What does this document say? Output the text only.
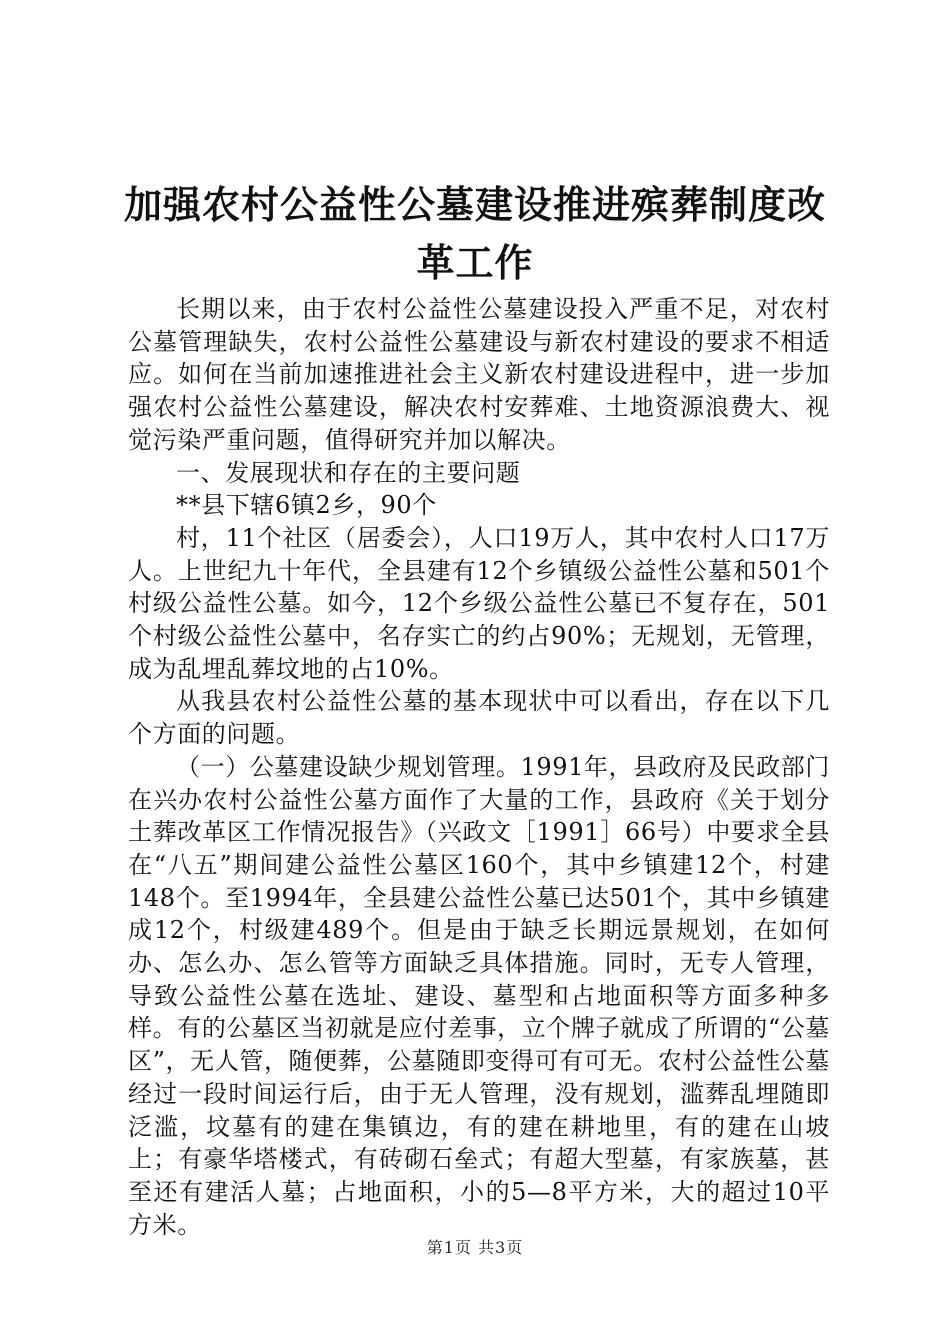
加强农村公益性公墓建设推进殡葬制度改革工作

长期以来，由于农村公益性公墓建设投入严重不足，对农村公墓管理缺失，农村公益性公墓建设与新农村建设的要求不相适应。如何在当前加速推进社会主义新农村建设进程中，进一步加强农村公益性公墓建设，解决农村安葬难、土地资源浪费大、视觉污染严重问题，值得研究并加以解决。

一、发展现状和存在的主要问题

**县下辖6镇2乡，90个

村，11个社区（居委会），人口19万人，其中农村人口17万人。上世纪九十年代，全县建有12个乡镇级公益性公墓和501个村级公益性公墓。如今，12个乡级公益性公墓已不复存在，501个村级公益性公墓中，名存实亡的约占90%；无规划，无管理，成为乱埋乱葬坟地的占10%。

从我县农村公益性公墓的基本现状中可以看出，存在以下几个方面的问题。

（一）公墓建设缺少规划管理。1991年，县政府及民政部门在兴办农村公益性公墓方面作了大量的工作，县政府《关于划分土葬改革区工作情况报告》（兴政文［1991］66号）中要求全县在“八五”期间建公益性公墓区160个，其中乡镇建12个，村建148个。至1994年，全县建公益性公墓已达501个，其中乡镇建成12个，村级建489个。但是由于缺乏长期远景规划，在如何办、怎么办、怎么管等方面缺乏具体措施。同时，无专人管理，导致公益性公墓在选址、建设、墓型和占地面积等方面多种多样。有的公墓区当初就是应付差事，立个牌子就成了所谓的“公墓区”，无人管，随便葬，公墓随即变得可有可无。农村公益性公墓经过一段时间运行后，由于无人管理，没有规划，滥葬乱埋随即泛滥，坟墓有的建在集镇边，有的建在耕地里，有的建在山坡上；有豪华塔楼式，有砖砌石垒式；有超大型墓，有家族墓，甚至还有建活人墓；占地面积，小的5—8平方米，大的超过10平方米。

第1页 共3页
